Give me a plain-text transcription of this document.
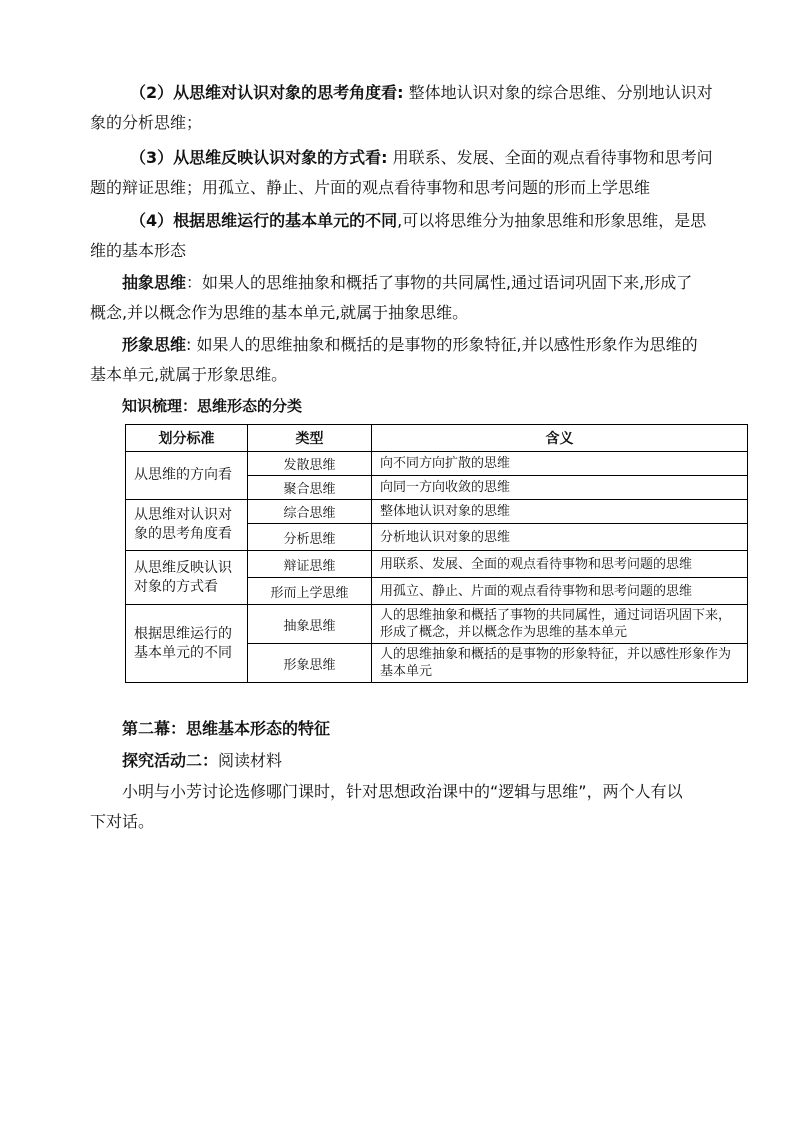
（2）从思维对认识对象的思考角度看: 整体地认识对象的综合思维、分别地认识对
象的分析思维；
（3）从思维反映认识对象的方式看: 用联系、发展、全面的观点看待事物和思考问
题的辩证思维；用孤立、静止、片面的观点看待事物和思考问题的形而上学思维
（4）根据思维运行的基本单元的不同,可以将思维分为抽象思维和形象思维，是思
维的基本形态
抽象思维：如果人的思维抽象和概括了事物的共同属性,通过语词巩固下来,形成了
概念,并以概念作为思维的基本单元,就属于抽象思维。
形象思维: 如果人的思维抽象和概括的是事物的形象特征,并以感性形象作为思维的
基本单元,就属于形象思维。
知识梳理：思维形态的分类
划分标准	类型	含义
从思维的方向看	发散思维	向不同方向扩散的思维
	聚合思维	向同一方向收敛的思维
从思维对认识对象的思考角度看	综合思维	整体地认识对象的思维
	分析思维	分析地认识对象的思维
从思维反映认识对象的方式看	辩证思维	用联系、发展、全面的观点看待事物和思考问题的思维
	形而上学思维	用孤立、静止、片面的观点看待事物和思考问题的思维
根据思维运行的基本单元的不同	抽象思维	人的思维抽象和概括了事物的共同属性，通过词语巩固下来，形成了概念，并以概念作为思维的基本单元
	形象思维	人的思维抽象和概括的是事物的形象特征，并以感性形象作为基本单元
第二幕：思维基本形态的特征
探究活动二：阅读材料
小明与小芳讨论选修哪门课时，针对思想政治课中的“逻辑与思维”，两个人有以
下对话。
